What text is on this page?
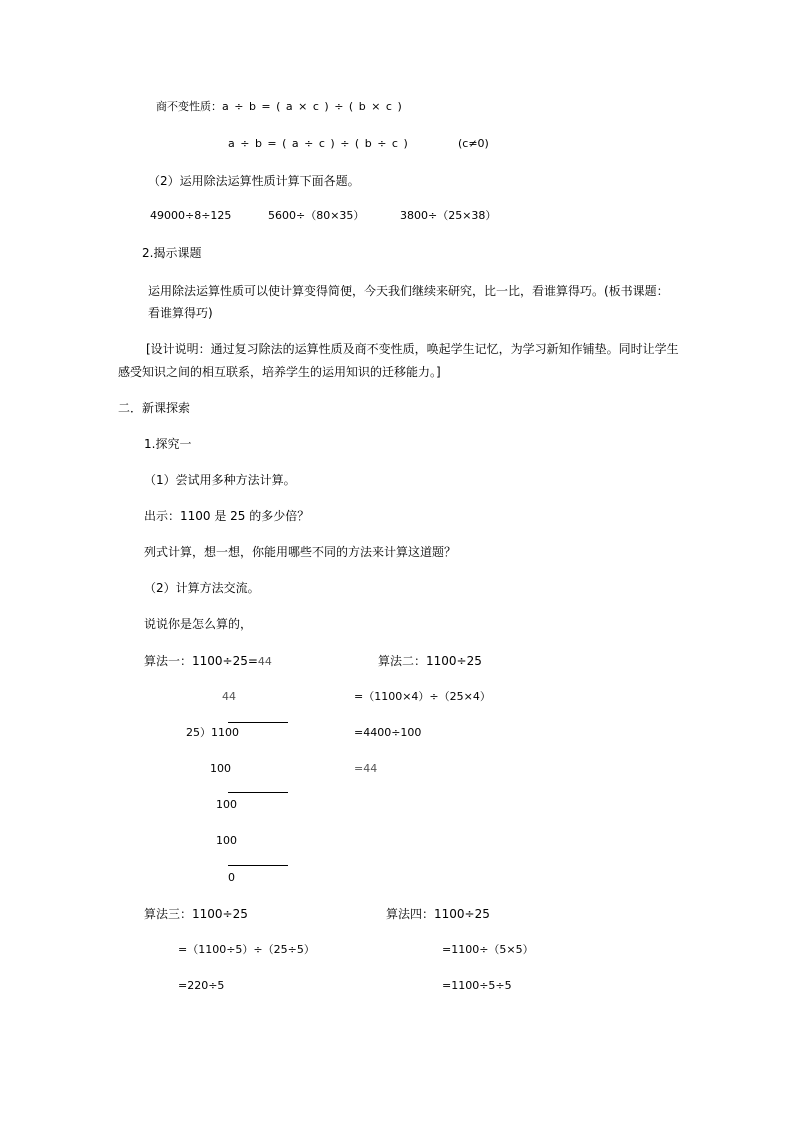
商不变性质：a ÷ b = ( a × c ) ÷ ( b × c )
a ÷ b = ( a ÷ c ) ÷ ( b ÷ c )	(c≠0)
（2）运用除法运算性质计算下面各题。
49000÷8÷125	5600÷（80×35）	3800÷（25×38）
2.揭示课题
运用除法运算性质可以使计算变得简便，今天我们继续来研究，比一比，看谁算得巧。(板书课题：
看谁算得巧)
[设计说明：通过复习除法的运算性质及商不变性质，唤起学生记忆，为学习新知作铺垫。同时让学生
感受知识之间的相互联系，培养学生的运用知识的迁移能力。]
二．新课探索
1.探究一
（1）尝试用多种方法计算。
出示：1100 是 25 的多少倍？
列式计算，想一想，你能用哪些不同的方法来计算这道题？
（2）计算方法交流。
说说你是怎么算的，
算法一：1100÷25=44
44
25）1100
100
100
100
0
算法二：1100÷25
=（1100×4）÷（25×4）
=4400÷100
=44
算法三：1100÷25
=（1100÷5）÷（25÷5）
=220÷5
算法四：1100÷25
=1100÷（5×5）
=1100÷5÷5
